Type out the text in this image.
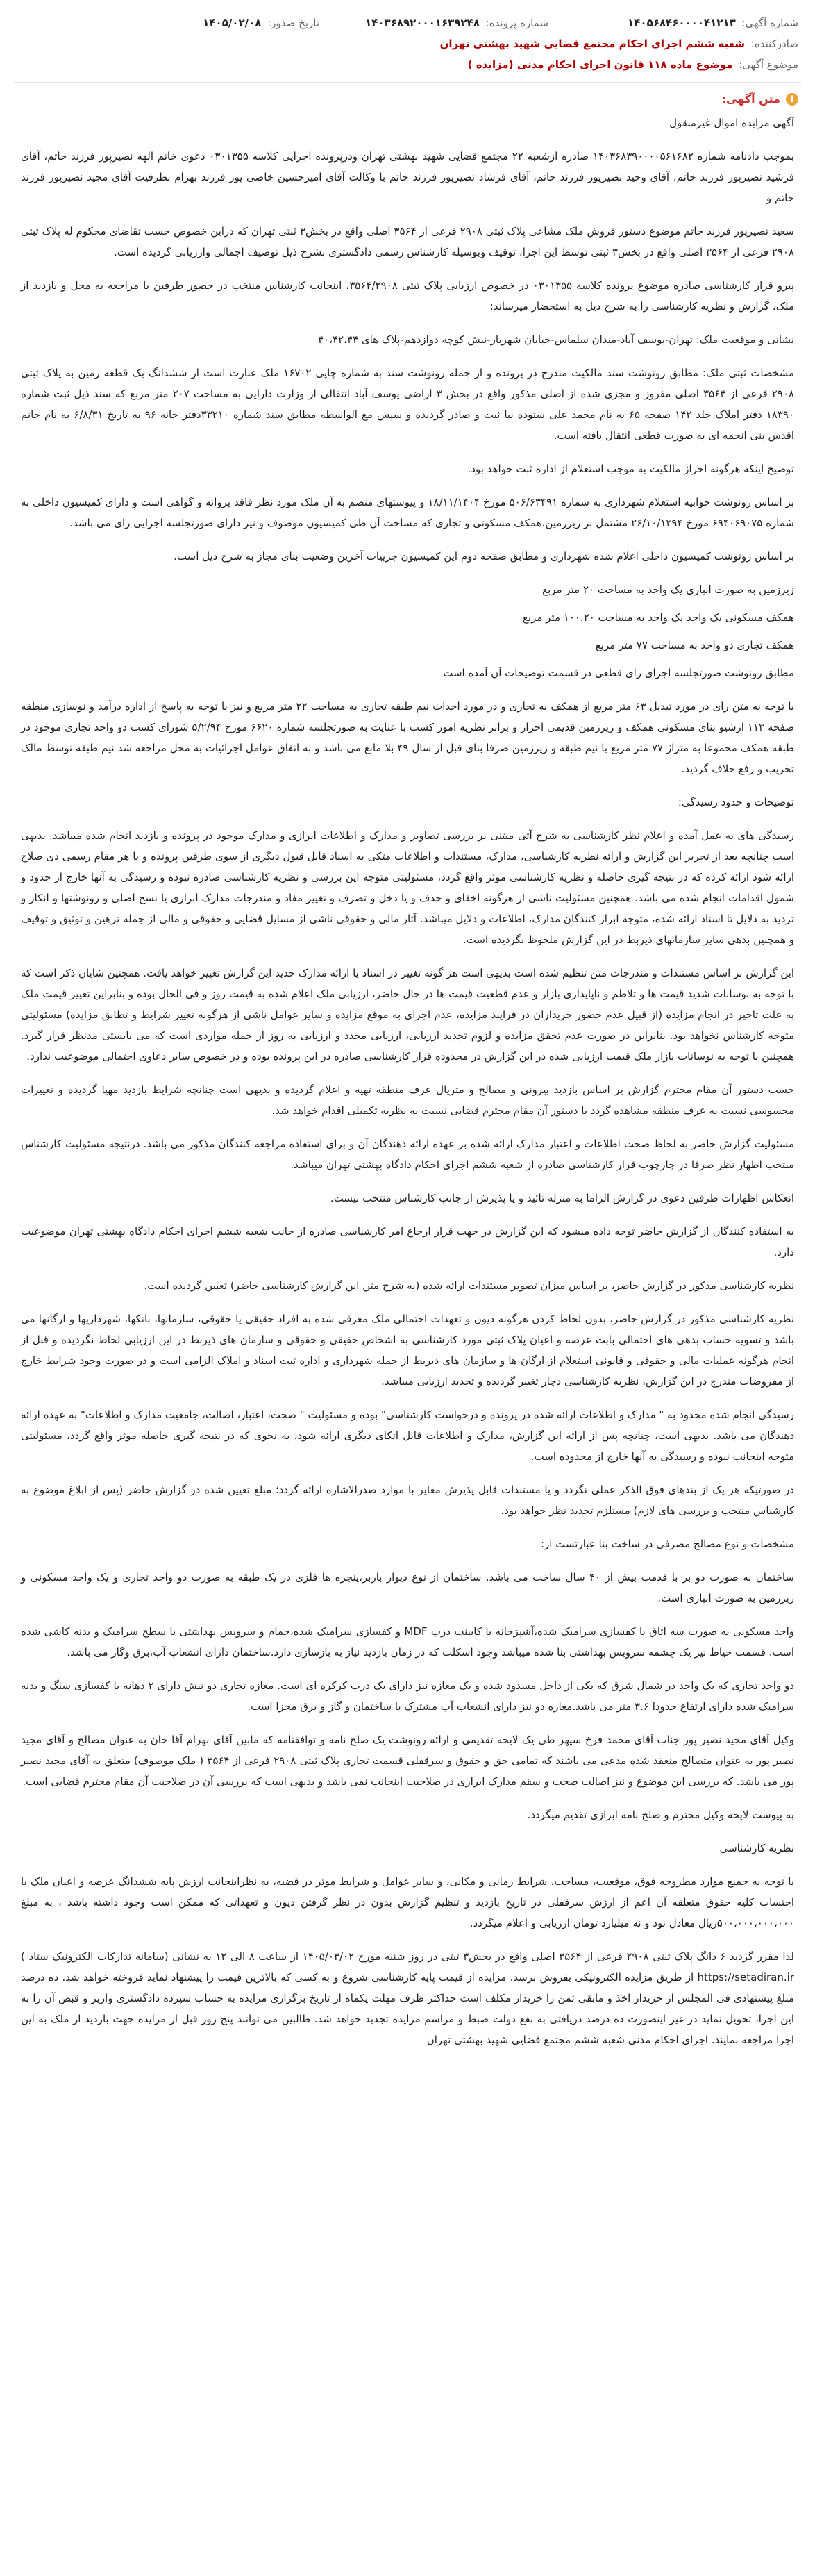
شماره آگهی: ۱۴۰۵۶۸۴۶۰۰۰۰۴۱۲۱۳
شماره پرونده: ۱۴۰۳۶۸۹۲۰۰۰۱۶۳۹۲۴۸
تاریخ صدور: ۱۴۰۵/۰۲/۰۸
صادرکننده: شعبه ششم اجرای احکام مجتمع قضایی شهید بهشتی تهران
موضوع آگهی: موضوع ماده ۱۱۸ قانون اجرای احکام مدنی (مزایده )
i
متن آگهی:
​

آگهی مزایده اموال غیرمنقول

بموجب دادنامه شماره ۱۴۰۳۶۸۳۹۰۰۰۰۵۶۱۶۸۲ صادره ازشعبه ۲۲ مجتمع قضایی شهید بهشتی تهران ودرپرونده اجرایی کلاسه ۰۳۰۱۳۵۵ دعوی خانم الهه نصیرپور فرزند حاتم، آقای فرشید نصیرپور فرزند حاتم، آقای وحید نصیرپور فرزند حاتم، آقای فرشاد نصیرپور فرزند حاتم با وکالت آقای امیرحسین خاصی پور فرزند بهرام بطرفیت آقای مجید نصیرپور فرزند حاتم و

سعید نصیرپور فرزند حاتم موضوع دستور فروش ملک مشاعی پلاک ثبتی ۲۹۰۸ فرعی از ۳۵۶۴ اصلی واقع در بخش۳ ثبتی تهران که دراین خصوص حسب تقاضای محکوم له پلاک ثبتی ۲۹۰۸ فرعی از ۳۵۶۴ اصلی واقع در بخش۳ ثبتی توسط این اجرا، توقیف وبوسیله کارشناس رسمی دادگستری بشرح ذیل توصیف اجمالی وارزیابی گردیده است.

پیرو قرار کارشناسی صادره موضوع پرونده کلاسه ۰۳۰۱۳۵۵ در خصوص ارزیابی پلاک ثبتی ۳۵۶۴/۲۹۰۸، اینجانب کارشناس منتخب در حضور طرفین با مراجعه به محل و بازدید از ملک، گزارش و نظریه کارشناسی را به شرح ذیل به استحضار میرساند:

نشانی و موقعیت ملک: تهران-یوسف آباد-میدان سلماس-خیابان شهریار-نبش کوچه دوازدهم-پلاک های ۴۰،۴۲،۴۴

مشخصات ثبتی ملک: مطابق رونوشت سند مالکیت مندرج در پرونده و از جمله رونوشت سند به شماره چاپی ۱۶۷۰۲ ملک عبارت است از ششدانگ یک قطعه زمین به پلاک ثبتی ۲۹۰۸ فرعی از ۳۵۶۴ اصلی مفروز و مجزی شده از اصلی مذکور واقع در بخش ۳ اراضی یوسف آباد انتقالی از وزارت دارایی به مساحت ۲۰۷ متر مربع که سند ذیل ثبت شماره ۱۸۳۹۰ دفتر املاک جلد ۱۴۲ صفحه ۶۵ به نام محمد علی ستوده نیا ثبت و صادر گردیده و سپس مع الواسطه مطابق سند شماره ۳۳۲۱۰دفتر خانه ۹۶ به تاریخ ۶/۸/۳۱ به نام خانم اقدس بنی انجمه ای به صورت قطعی انتقال یافته است.

توضیح اینکه هرگونه احراز مالکیت به موجب استعلام از اداره ثبت خواهد بود.

بر اساس رونوشت جوابیه استعلام شهرداری به شماره ۵۰۶/۶۳۴۹۱ مورخ ۱۸/۱۱/۱۴۰۴ و پیوستهای منضم به آن ملک مورد نظر فاقد پروانه و گواهی است و دارای کمیسیون داخلی به شماره ۶۹۴۰۶۹۰۷۵ مورخ ۲۶/۱۰/۱۳۹۴ مشتمل بر زیرزمین،همکف مسکونی و تجاری که مساحت آن طی کمیسیون موصوف و نیز دارای صورتجلسه اجرایی رای می باشد.

بر اساس رونوشت کمیسیون داخلی اعلام شده شهرداری و مطابق صفحه دوم این کمیسیون جزییات آخرین وضعیت بنای مجاز به شرح ذیل است.

زیرزمین به صورت انباری یک واحد به مساحت ۲۰ متر مربع

همکف مسکونی یک واحد یک واحد به مساحت ۱۰۰.۲۰ متر مربع

همکف تجاری دو واحد به مساحت ۷۷ متر مربع

مطابق رونوشت صورتجلسه اجرای رای قطعی در قسمت توضیحات آن آمده است

با توجه به متن رای در مورد تبدیل ۶۳ متر مربع از همکف به تجاری و در مورد احداث نیم طبقه تجاری به مساحت ۲۲ متر مربع و نیز با توجه به پاسخ از اداره درآمد و نوسازی منطقه صفحه ۱۱۳ ارشیو بنای مسکونی همکف و زیرزمین قدیمی احراز و برابر نظریه امور کسب با عنایت به صورتجلسه شماره ۶۶۲۰ مورخ ۵/۲/۹۴ شورای کسب دو واحد تجاری موجود در طبقه همکف مجموعا به متراژ ۷۷ متر مربع با نیم طبقه و زیرزمین صرفا بنای قبل از سال ۴۹ بلا مانع می باشد و به اتفاق عوامل اجرائیات به محل مراجعه شد نیم طبقه توسط مالک تخریب و رفع خلاف گردید.

توضیحات و حدود رسیدگی:

رسیدگی های به عمل آمده و اعلام نظر کارشناسی به شرح آتی مبتنی بر بررسی تصاویر و مدارک و اطلاعات ابرازی و مدارک موجود در پرونده و بازدید انجام شده میباشد. بدیهی است چنانچه بعد از تحریر این گزارش و ارائه نظریه کارشناسی، مدارک، مستندات و اطلاعات متکی به اسناد قابل قبول دیگری از سوی طرفین پرونده و یا هر مقام رسمی ذی صلاح ارائه شود ارائه کرده که در نتیجه گیری حاصله و نظریه کارشناسی موثر واقع گردد، مسئولیتی متوجه این بررسی و نظریه کارشناسی صادره نبوده و رسیدگی به آنها خارج از حدود و شمول اقدامات انجام شده می باشد. همچنین مسئولیت ناشی از هرگونه اخفای و حذف و یا دخل و تصرف و تغییر مفاد و مندرجات مدارک ابرازی یا نسخ اصلی و رونوشتها و انکار و تردید به دلایل تا اسناد ارائه شده، متوجه ابراز کنندگان مدارک، اطلاعات و دلایل میباشد. آثار مالی و حقوقی ناشی از مسایل قضایی و حقوقی و مالی از جمله ترهین و توثیق و توقیف و همچنین بدهی سایر سازمانهای ذیربط در این گزارش ملحوظ نگردیده است.

این گزارش بر اساس مستندات و مندرجات متن تنظیم شده است بدیهی است هر گونه تغییر در اسناد یا ارائه مدارک جدید این گزارش تغییر خواهد یافت. همچنین شایان ذکر است که با توجه به نوسانات شدید قیمت ها و تلاطم و ناپایداری بازار و عدم قطعیت قیمت ها در حال حاضر، ارزیابی ملک اعلام شده به قیمت روز و فی الحال بوده و بنابراین تغییر قیمت ملک به علت تاخیر در انجام مزایده (از قبیل عدم حضور خریداران در فرایند مزایده، عدم اجرای به موقع مزایده و سایر عوامل ناشی از هرگونه تغییر شرایط و تطابق مزایده) مسئولیتی متوجه کارشناس نخواهد بود. بنابراین در صورت عدم تحقق مزایده و لزوم تجدید ارزیابی، ارزیابی مجدد و ارزیابی به روز از جمله مواردی است که می بایستی مدنظر قرار گیرد. همچنین با توجه به نوسانات بازار ملک قیمت ارزیابی شده در این گزارش در محدوده قرار کارشناسی صادره در این پرونده بوده و در خصوص سایر دعاوی احتمالی موضوعیت ندارد.

حسب دستور آن مقام محترم گزارش بر اساس بازدید بیرونی و مصالح و متریال عرف منطقه تهیه و اعلام گردیده و بدیهی است چنانچه شرایط بازدید مهیا گردیده و تغییرات محسوسی نسبت به عرف منطقه مشاهده گردد با دستور آن مقام محترم قضایی نسبت به نظریه تکمیلی اقدام خواهد شد.

مسئولیت گزارش حاضر به لحاظ صحت اطلاعات و اعتبار مدارک ارائه شده بر عهده ارائه دهندگان آن و برای استفاده مراجعه کنندگان مذکور می باشد. درنتیجه مسئولیت کارشناس منتخب اظهار نظر صرفا در چارچوب قرار کارشناسی صادره از شعبه ششم اجرای احکام دادگاه بهشتی تهران میباشد.

انعکاس اظهارات طرفین دعوی در گزارش الزاما به منزله تائید و یا پذیرش از جانب کارشناس منتخب نیست.

به استفاده کنندگان از گزارش حاضر توجه داده میشود که این گزارش در جهت قرار ارجاع امر کارشناسی صادره از جانب شعبه ششم اجرای احکام دادگاه بهشتی تهران موضوعیت دارد.

نظریه کارشناسی مذکور در گزارش حاضر، بر اساس میزان تصویر مستندات ارائه شده (به شرح متن این گزارش کارشناسی حاضر) تعیین گردیده است.

نظریه کارشناسی مذکور در گزارش حاضر، بدون لحاظ کردن هرگونه دیون و تعهدات احتمالی ملک معرفی شده به افراد حقیقی یا حقوقی، سازمانها، بانکها، شهرداریها و ارگانها می باشد و تسویه حساب بدهی های احتمالی بابت عرصه و اعیان پلاک ثبتی مورد کارشناسی به اشخاص حقیقی و حقوقی و سازمان های ذیربط در این ارزیابی لحاظ نگردیده و قبل از انجام هرگونه عملیات مالی و حقوقی و قانونی استعلام از ارگان ها و سازمان های ذیربط از جمله شهرداری و اداره ثبت اسناد و املاک الزامی است و در صورت وجود شرایط خارج از مفروضات مندرج در این گزارش، نظریه کارشناسی دچار تغییر گردیده و تجدید ارزیابی میباشد.

رسیدگی انجام شده محدود به " مدارک و اطلاعات ارائه شده در پرونده و درخواست کارشناسی" بوده و مسئولیت " صحت، اعتبار، اصالت، جامعیت مدارک و اطلاعات" به عهده ارائه دهندگان می باشد. بدیهی است، چنانچه پس از ارائه این گزارش، مدارک و اطلاعات قابل اتکای دیگری ارائه شود، به نحوی که در نتیجه گیری حاصله موثر واقع گردد، مسئولیتی متوجه اینجانب نبوده و رسیدگی به آنها خارج از محدوده است.

در صورتیکه هر یک از بندهای فوق الذکر عملی نگردد و یا مستندات قابل پذیرش مغایر با موارد صدرالاشاره ارائه گردد؛ مبلغ تعیین شده در گزارش حاضر (پس از ابلاغ موضوع به کارشناس منتخب و بررسی های لازم) مستلزم تجدید نظر خواهد بود.

مشخصات و نوع مصالح مصرفی در ساخت بنا عبارتست از:

ساختمان به صورت دو بر با قدمت بیش از ۴۰ سال ساخت می باشد. ساختمان از نوع دیوار باربر،پنجره ها فلزی در یک طبقه به صورت دو واحد تجاری و یک واحد مسکونی و زیرزمین به صورت انباری است.

واحد مسکونی به صورت سه اتاق با کفسازی سرامیک شده،آشپزخانه با کابینت درب MDF و کفسازی سرامیک شده،حمام و سرویس بهداشتی با سطح سرامیک و بدنه کاشی شده است. قسمت حیاط نیز یک چشمه سرویس بهداشتی بنا شده میباشد وجود اسکلت که در زمان بازدید نیاز به بازسازی دارد.ساختمان دارای انشعاب آب،برق وگاز می باشد.

دو واحد تجاری که یک واحد در شمال شرق که یکی از داخل مسدود شده و یک مغازه نیز دارای یک درب کرکره ای است. مغازه تجاری دو نبش دارای ۲ دهانه با کفسازی سنگ و بدنه سرامیک شده دارای ارتفاع حدودا ۳.۶ متر می باشد.مغازه دو نیز دارای انشعاب آب مشترک با ساختمان و گاز و برق مجزا است.

وکیل آقای مجید نصیر پور جناب آقای محمد فرخ سپهر طی یک لایحه تقدیمی و ارائه رونوشت یک صلح نامه و توافقنامه که مابین آقای بهرام آقا خان به عنوان مصالح و آقای مجید نصیر پور به عنوان متصالح منعقد شده مدعی می باشند که تمامی حق و حقوق و سرقفلی قسمت تجاری پلاک ثبتی ۲۹۰۸ فرعی از ۳۵۶۴ ( ملک موصوف) متعلق به آقای مجید نصیر پور می باشد. که بررسی این موضوع و نیز اصالت صحت و سقم مدارک ابرازی در صلاحیت اینجانب نمی باشد و بدیهی است که بررسی آن در صلاحیت آن مقام محترم قضایی است.

به پیوست لایحه وکیل محترم و صلح نامه ابرازی تقدیم میگردد.

نظریه کارشناسی

با توجه به جمیع موارد مطروحه فوق، موقعیت، مساحت، شرایط زمانی و مکانی، و سایر عوامل و شرایط موثر در قضیه، به نظراینجانب ارزش پایه ششدانگ عرصه و اعیان ملک با احتساب کلیه حقوق متعلقه آن اعم از ارزش سرقفلی در تاریخ بازدید و تنظیم گزارش بدون در نظر گرفتن دیون و تعهداتی که ممکن است وجود داشته باشد ، به مبلغ ۵۰۰،۰۰۰،۰۰۰،۰۰۰ریال معادل نود و نه میلیارد تومان ارزیابی و اعلام میگردد.

لذا مقرر گردید ۶ دانگ پلاک ثبتی ۲۹۰۸ فرعی از ۳۵۶۴ اصلی واقع در بخش۳ ثبتی در روز شنبه مورخ ۱۴۰۵/۰۳/۰۲ از ساعت ۸ الی ۱۲ به نشانی (سامانه تدارکات الکترونیک ستاد ) https://setadiran.ir از طریق مزایده الکترونیکی بفروش برسد. مزایده از قیمت پایه کارشناسی شروع و به کسی که بالاترین قیمت را پیشنهاد نماید فروخته خواهد شد. ده درصد مبلغ پیشنهادی فی المجلس از خریدار اخذ و مابقی ثمن را خریدار مکلف است حداکثر ظرف مهلت یکماه از تاریخ برگزاری مزایده به حساب سپرده دادگستری واریز و قبض آن را به این اجرا، تحویل نماید در غیر اینصورت ده درصد دریافتی به نفع دولت ضبط و مراسم مزایده تجدید خواهد شد. طالبین می توانند پنج روز قبل از مزایده جهت بازدید از ملک به این اجرا مراجعه نمایند. اجرای احکام مدنی شعبه ششم مجتمع قضایی شهید بهشتی تهران
